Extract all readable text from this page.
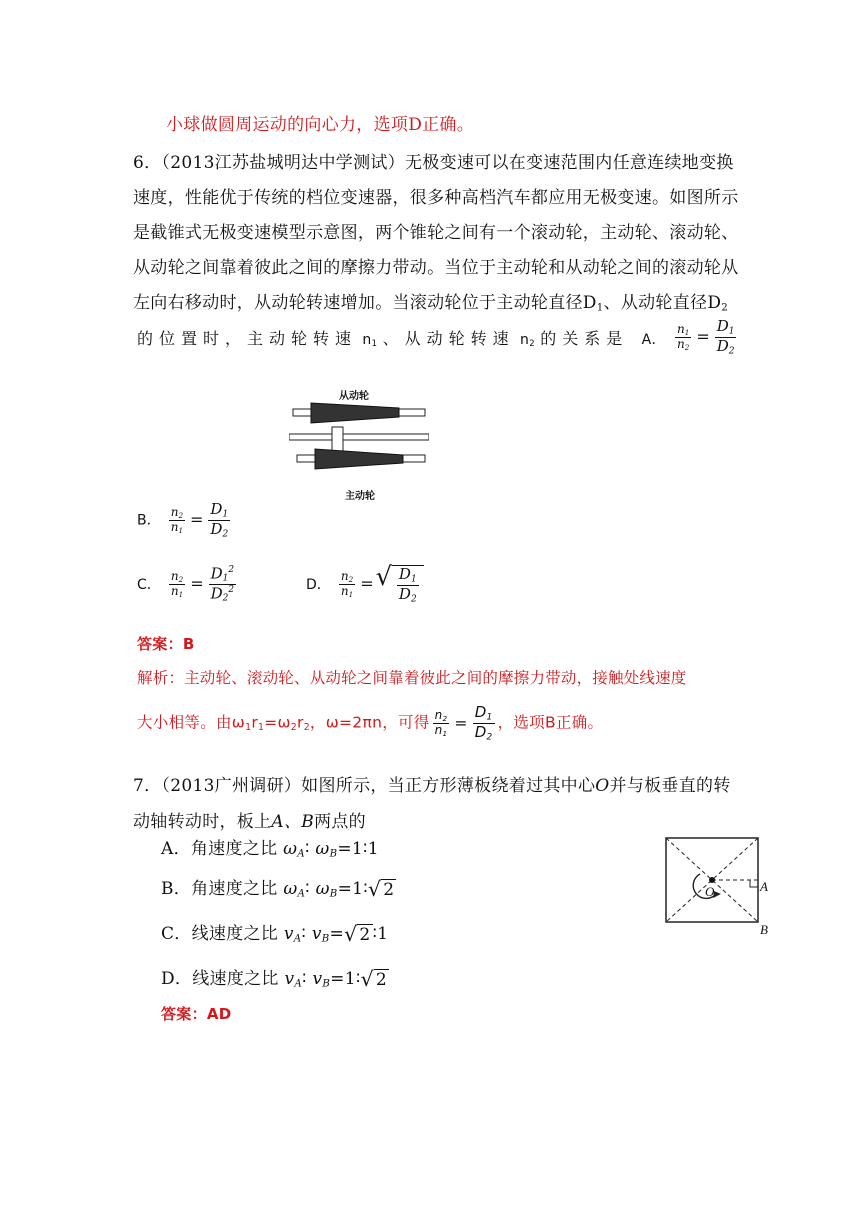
小球做圆周运动的向心力，选项D正确。
6．（2013江苏盐城明达中学测试）无极变速可以在变速范围内任意连续地变换
速度，性能优于传统的档位变速器，很多种高档汽车都应用无极变速。如图所示
是截锥式无极变速模型示意图，两个锥轮之间有一个滚动轮，主动轮、滚动轮、
从动轮之间靠着彼此之间的摩擦力带动。当位于主动轮和从动轮之间的滚动轮从
左向右移动时，从动轮转速增加。当滚动轮位于主动轮直径$D_1$、从动轮直径$D_2$
的位置时，主动轮转速 $n_1$ 、从动轮转速 $n_2$ 的关系是 A． $\frac{n_1}{n_2} = \frac{D_1}{D_2}$
从动轮
主动轮
B． $\frac{n_2}{n_1} = \frac{D_1}{D_2}$
C． $\frac{n_2}{n_1} = \frac{D_1^2}{D_2^2}$	D． $\frac{n_2}{n_1}$ = √ $\frac{D_1}{D_2}$
答案：B
解析：主动轮、滚动轮、从动轮之间靠着彼此之间的摩擦力带动，接触处线速度
大小相等。由$\omega_1r_1=\omega_2r_2$，ω=2πn，可得 $\frac{n_2}{n_1} = \frac{D_1}{D_2}$ ，选项B正确。
7．（2013广州调研）如图所示，当正方形薄板绕着过其中心O并与板垂直的转
动轴转动时，板上A、B两点的
A．角速度之比 $\omega_A∶$ $\omega_B=1∶1$
B．角速度之比 $\omega_A∶$ $\omega_B=1∶$ √ 2
C．线速度之比 $v_A∶$ $v_B=$ √ 2 ∶1
D．线速度之比 $v_A∶$ $v_B=1∶$ √ 2
O	A
B
答案：AD
